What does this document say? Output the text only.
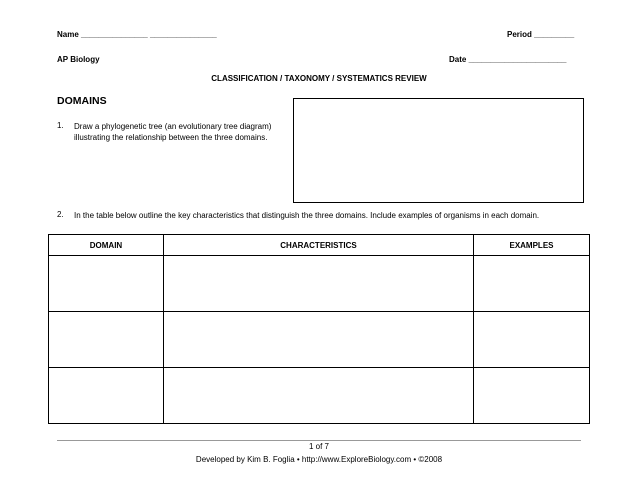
Name _______________ _______________	Period _________
AP Biology	Date ______________________
CLASSIFICATION / TAXONOMY / SYSTEMATICS REVIEW
DOMAINS
1. Draw a phylogenetic tree (an evolutionary tree diagram) illustrating the relationship between the three domains.
2. In the table below outline the key characteristics that distinguish the three domains. Include examples of organisms in each domain.
DOMAIN	CHARACTERISTICS	EXAMPLES

1 of 7
Developed by Kim B. Foglia • http://www.ExploreBiology.com • ©2008
